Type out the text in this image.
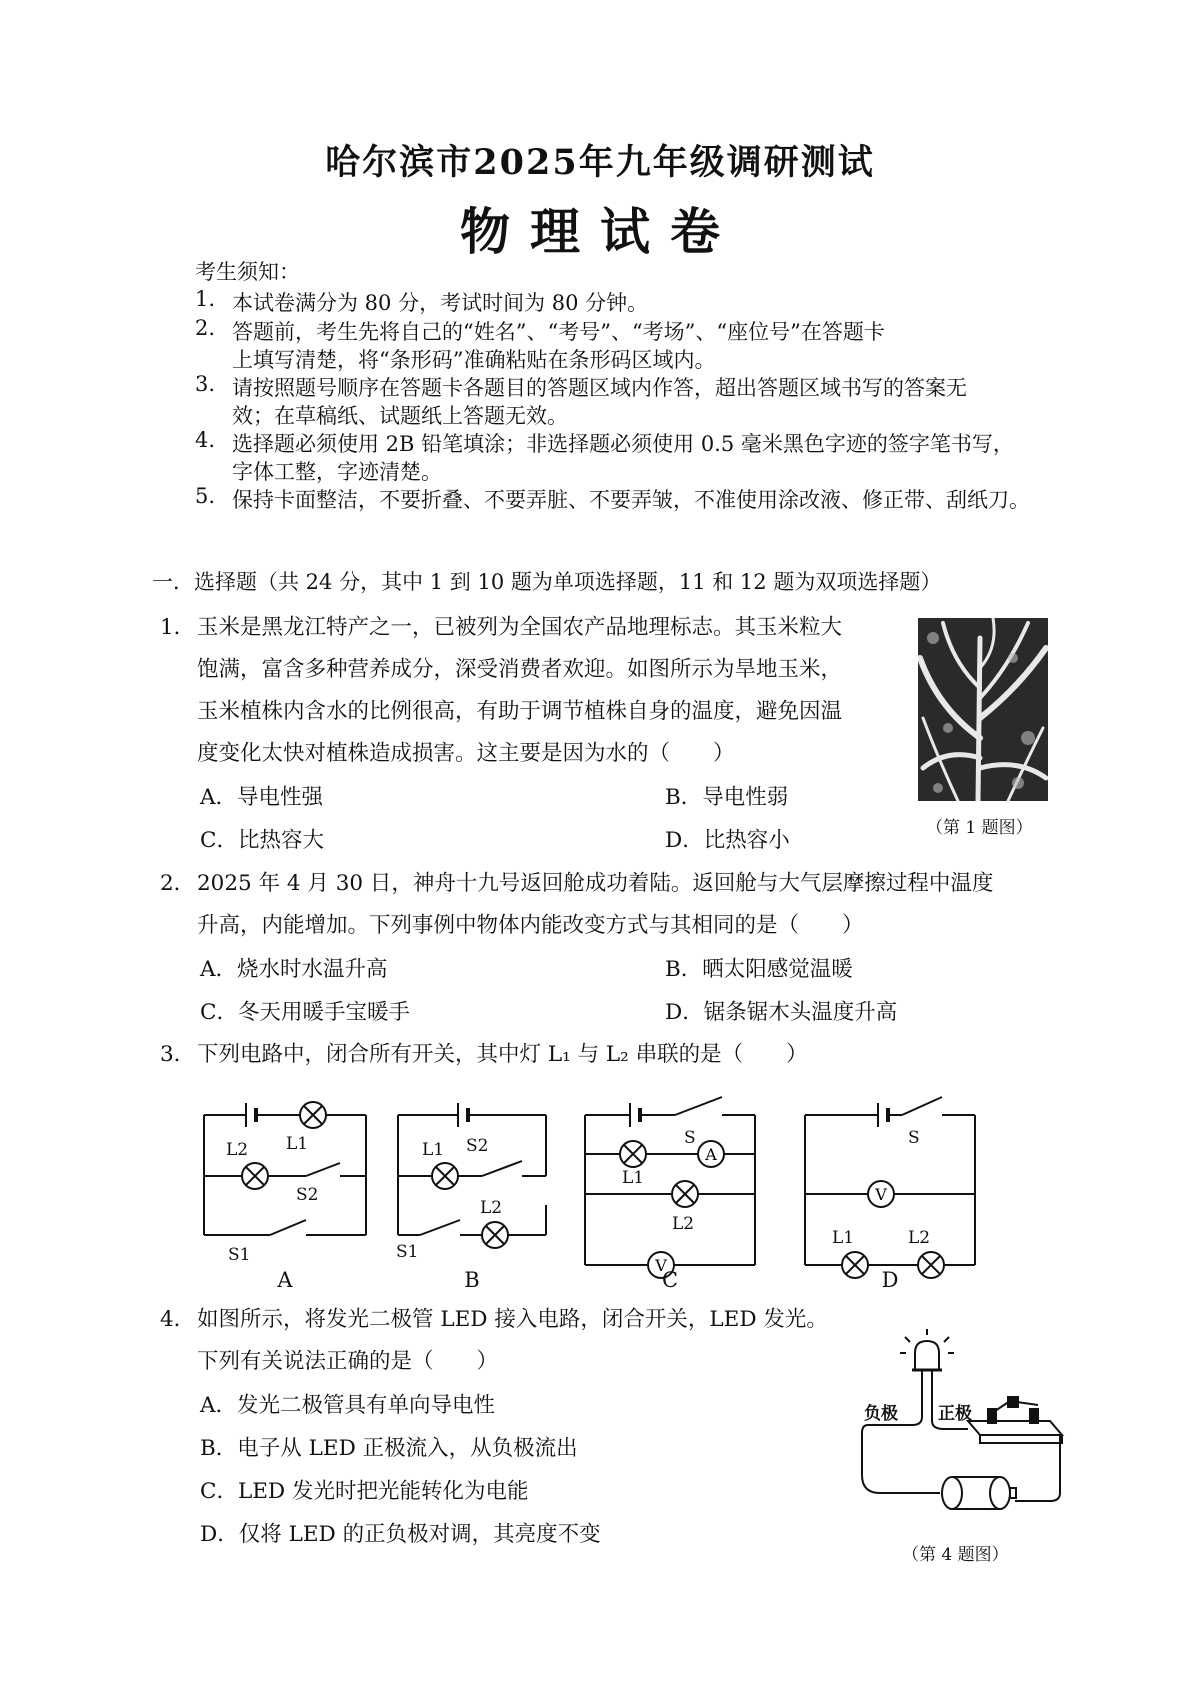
哈尔滨市2025年九年级调研测试
物理试卷
考生须知：
1. 本试卷满分为 80 分，考试时间为 80 分钟。
2. 答题前，考生先将自己的“姓名”、“考号”、“考场”、“座位号”在答题卡
上填写清楚，将“条形码”准确粘贴在条形码区域内。
3. 请按照题号顺序在答题卡各题目的答题区域内作答，超出答题区域书写的答案无
效；在草稿纸、试题纸上答题无效。
4. 选择题必须使用 2B 铅笔填涂；非选择题必须使用 0.5 毫米黑色字迹的签字笔书写，
字体工整，字迹清楚。
5. 保持卡面整洁，不要折叠、不要弄脏、不要弄皱，不准使用涂改液、修正带、刮纸刀。
一．选择题（共 24 分，其中 1 到 10 题为单项选择题，11 和 12 题为双项选择题）
1． 玉米是黑龙江特产之一，已被列为全国农产品地理标志。其玉米粒大
饱满，富含多种营养成分，深受消费者欢迎。如图所示为旱地玉米，
玉米植株内含水的比例很高，有助于调节植株自身的温度，避免因温
度变化太快对植株造成损害。这主要是因为水的（　　）
A．导电性强	B．导电性弱
C．比热容大	D．比热容小	（第 1 题图）
2． 2025 年 4 月 30 日，神舟十九号返回舱成功着陆。返回舱与大气层摩擦过程中温度
升高，内能增加。下列事例中物体内能改变方式与其相同的是（　　）
A．烧水时水温升高	B．晒太阳感觉温暖
C．冬天用暖手宝暖手	D．锯条锯木头温度升高
3． 下列电路中，闭合所有开关，其中灯 L₁ 与 L₂ 串联的是（　　）
A
V
V
L1
L2
S2
S1
L1 S2
S1
L2
S
L1
L2
S
L1	L2
A	B	C	D
4． 如图所示，将发光二极管 LED 接入电路，闭合开关，LED 发光。
下列有关说法正确的是（　　）
A．发光二极管具有单向导电性
B．电子从 LED 正极流入，从负极流出
C．LED 发光时把光能转化为电能
D．仅将 LED 的正负极对调，其亮度不变
负极 正极
（第 4 题图）
